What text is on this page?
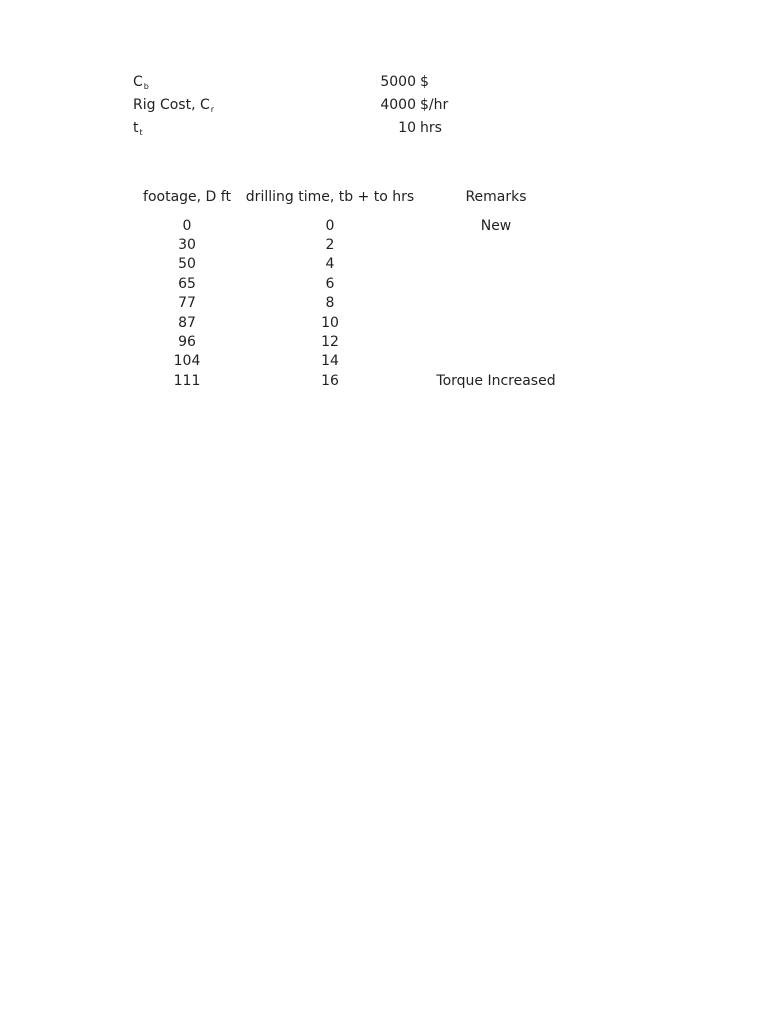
$C_b$	5000 $
Rig Cost, $C_r$	4000 $/hr
$t_t$	10 hrs
footage, D ft	drilling time, tb + to hrs	Remarks
0	0	New
30	2
50	4
65	6
77	8
87	10
96	12
104	14
111	16	Torque Increased
